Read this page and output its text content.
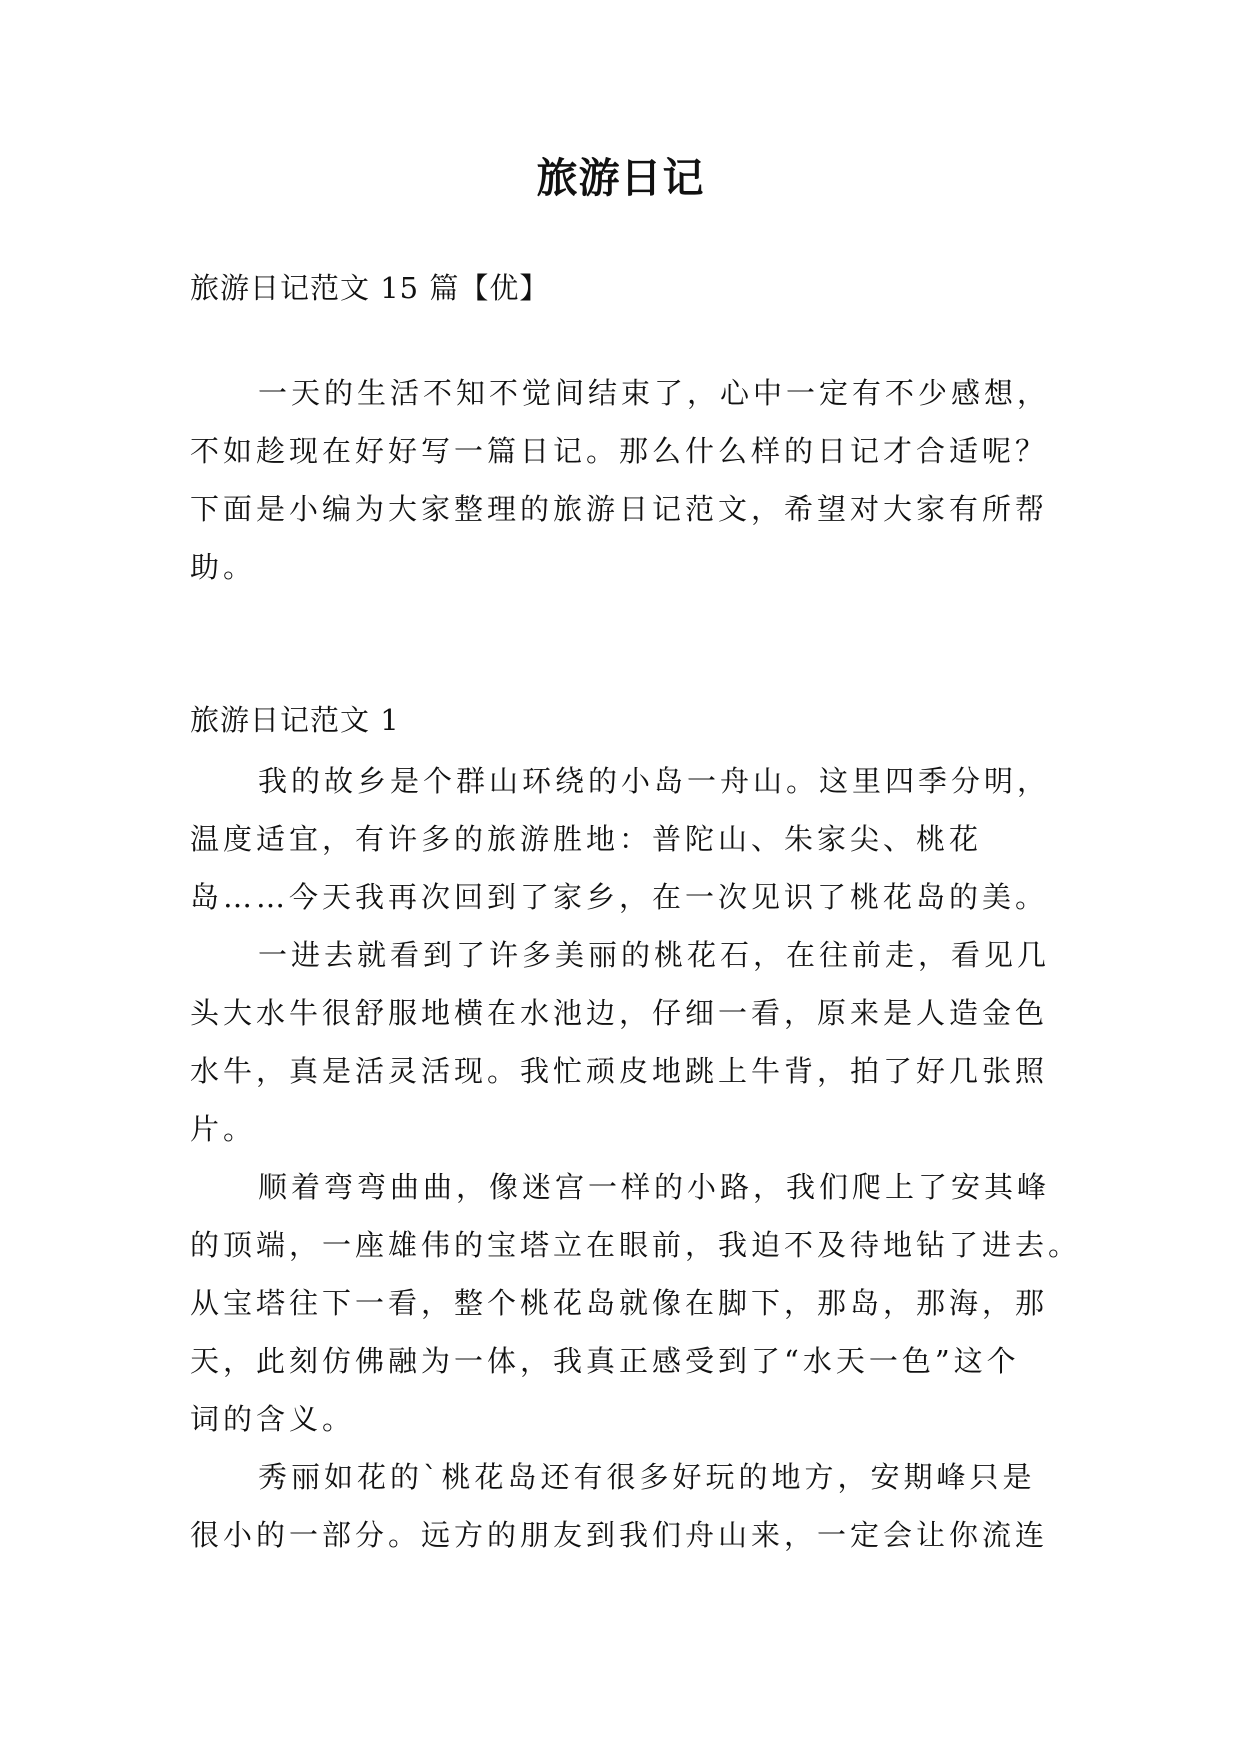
旅游日记

旅游日记范文 15 篇【优】

一天的生活不知不觉间结束了，心中一定有不少感想，
不如趁现在好好写一篇日记。那么什么样的日记才合适呢？
下面是小编为大家整理的旅游日记范文，希望对大家有所帮
助。

旅游日记范文 1

我的故乡是个群山环绕的小岛一舟山。这里四季分明，
温度适宜，有许多的旅游胜地：普陀山、朱家尖、桃花
岛……今天我再次回到了家乡，在一次见识了桃花岛的美。
一进去就看到了许多美丽的桃花石，在往前走，看见几
头大水牛很舒服地横在水池边，仔细一看，原来是人造金色
水牛，真是活灵活现。我忙顽皮地跳上牛背，拍了好几张照
片。
顺着弯弯曲曲，像迷宫一样的小路，我们爬上了安其峰
的顶端，一座雄伟的宝塔立在眼前，我迫不及待地钻了进去。
从宝塔往下一看，整个桃花岛就像在脚下，那岛，那海，那
天，此刻仿佛融为一体，我真正感受到了“水天一色”这个
词的含义。
秀丽如花的`桃花岛还有很多好玩的地方，安期峰只是
很小的一部分。远方的朋友到我们舟山来，一定会让你流连
